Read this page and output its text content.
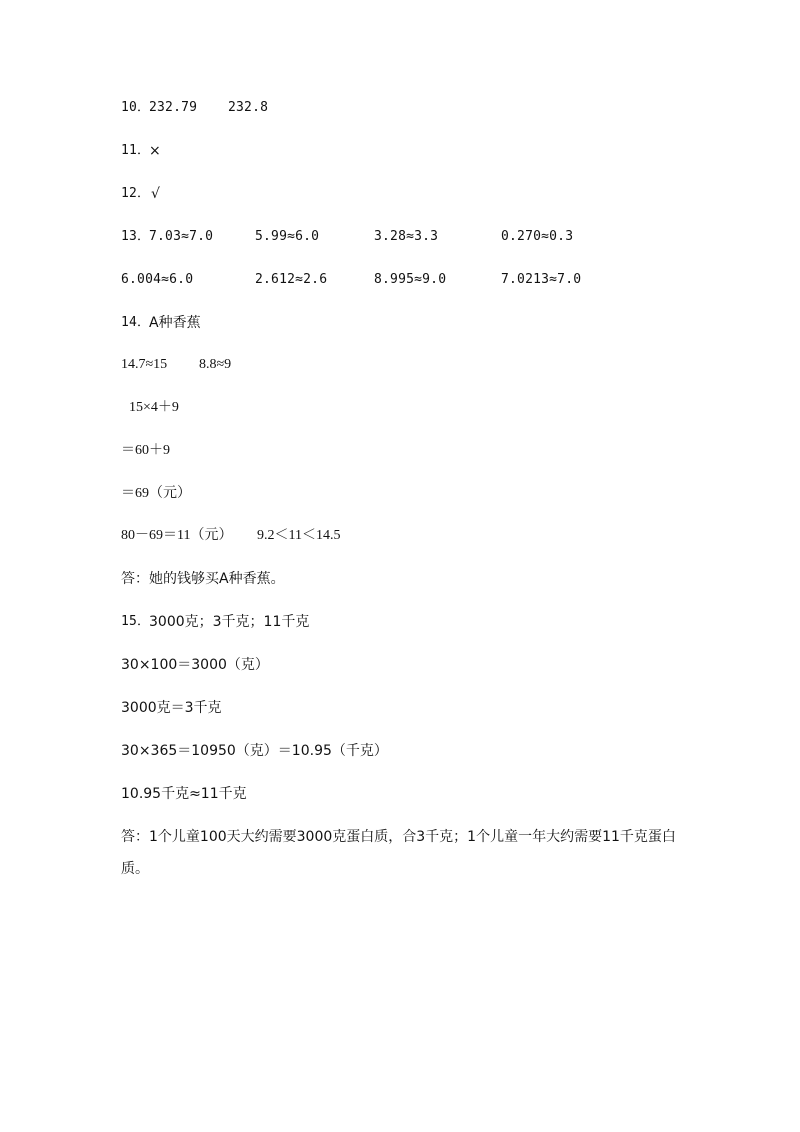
10．
232.79 232.8
11．
×
12． √
13．
7.03≈7.0	5.99≈6.0	3.28≈3.3	0.270≈0.3
6.004≈6.0	2.612≈2.6	8.995≈9.0	7.0213≈7.0
14．
A种香蕉
14.7≈15 8.8≈9
15×4＋9
＝60＋9
＝69（元）
80－69＝11（元） 9.2＜11＜14.5
答：她的钱够买A种香蕉。
15．
3000克；3千克；11千克
30×100＝3000（克）
3000克＝3千克
30×365＝10950（克）＝10.95（千克）
10.95千克≈11千克
答：1个儿童100天大约需要3000克蛋白质，合3千克；1个儿童一年大约需要11千克蛋白质。
